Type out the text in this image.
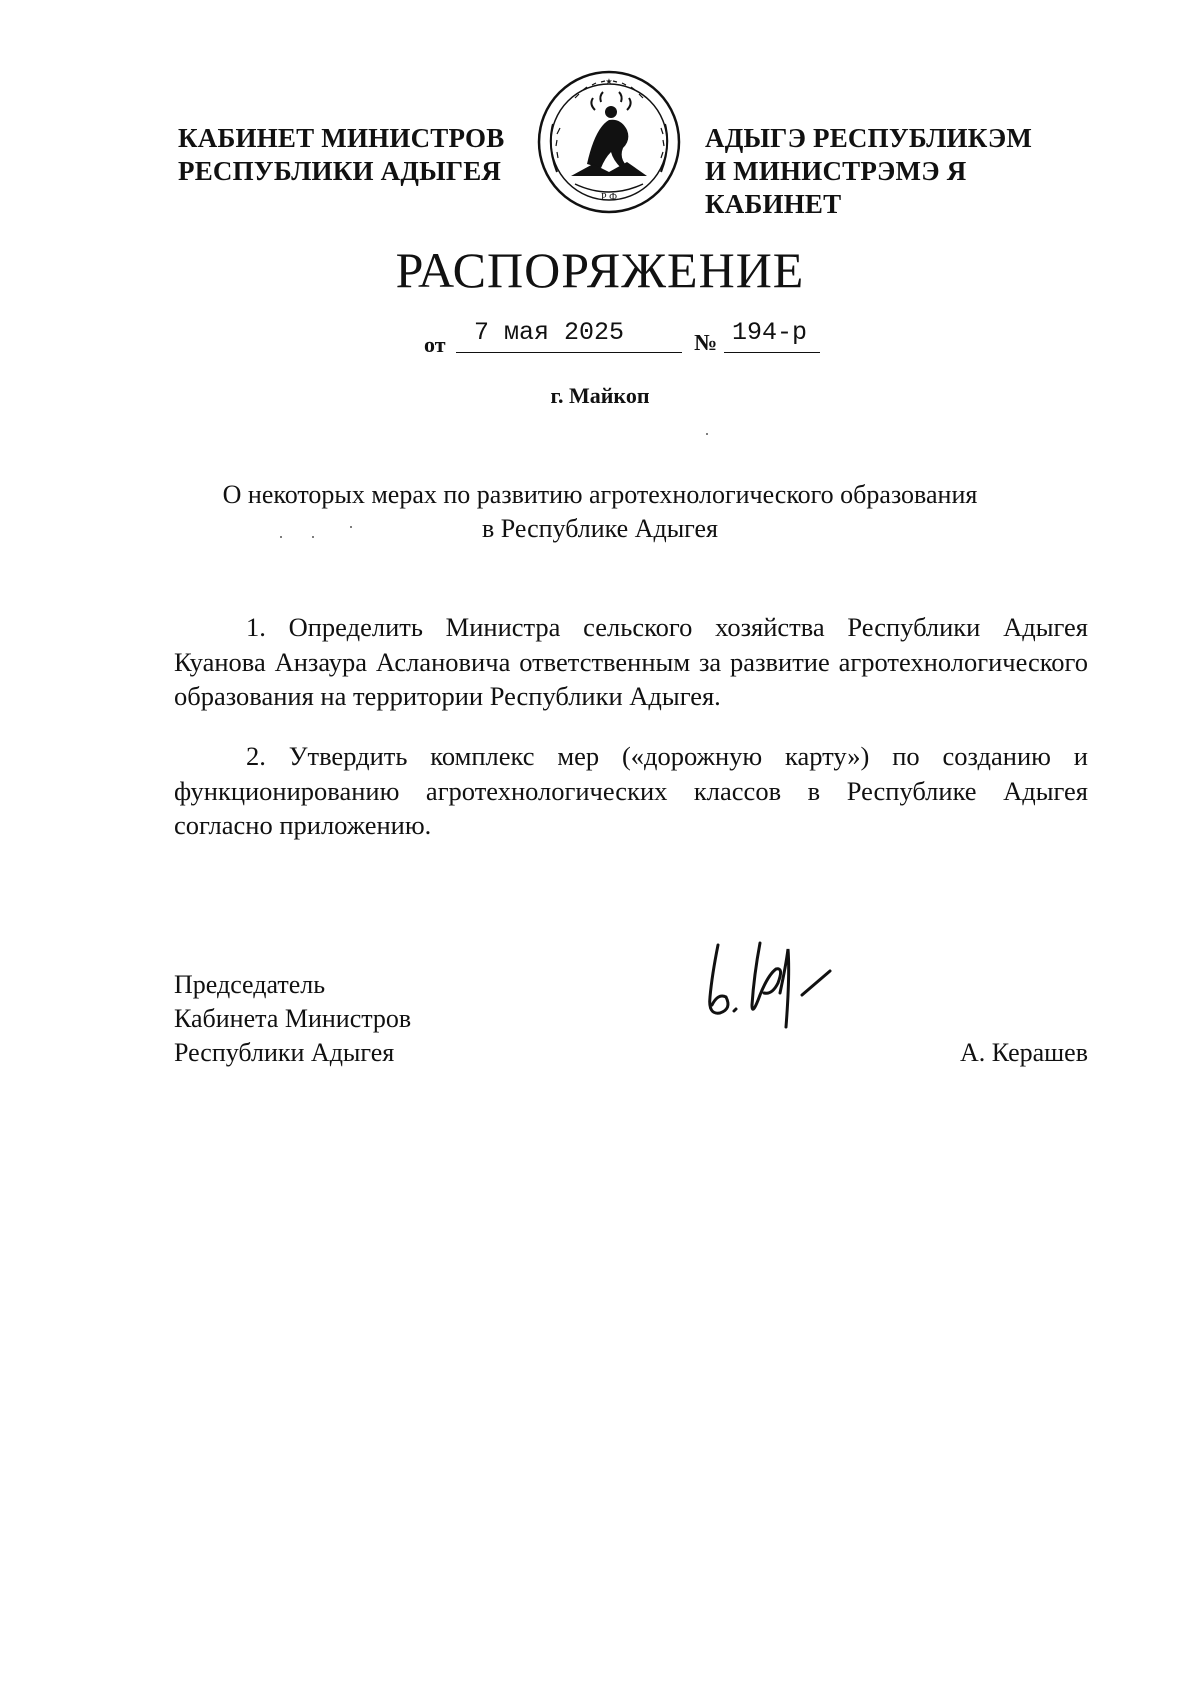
КАБИНЕТ МИНИСТРОВ
РЕСПУБЛИКИ АДЫГЕЯ
★
Р Ф
АДЫГЭ РЕСПУБЛИКЭМ
И МИНИСТРЭМЭ Я КАБИНЕТ
РАСПОРЯЖЕНИЕ
от 7 мая 2025	№ 194-р
г. Майкоп
О некоторых мерах по развитию агротехнологического образования
в Республике Адыгея

1. Определить Министра сельского хозяйства Республики Адыгея Куанова Анзаура Аслановича ответственным за развитие агротехнологического образования на территории Республики Адыгея.

2. Утвердить комплекс мер («дорожную карту») по созданию и функционированию агротехнологических классов в Республике Адыгея согласно приложению.

Председатель
Кабинета Министров
Республики Адыгея	А. Керашев
